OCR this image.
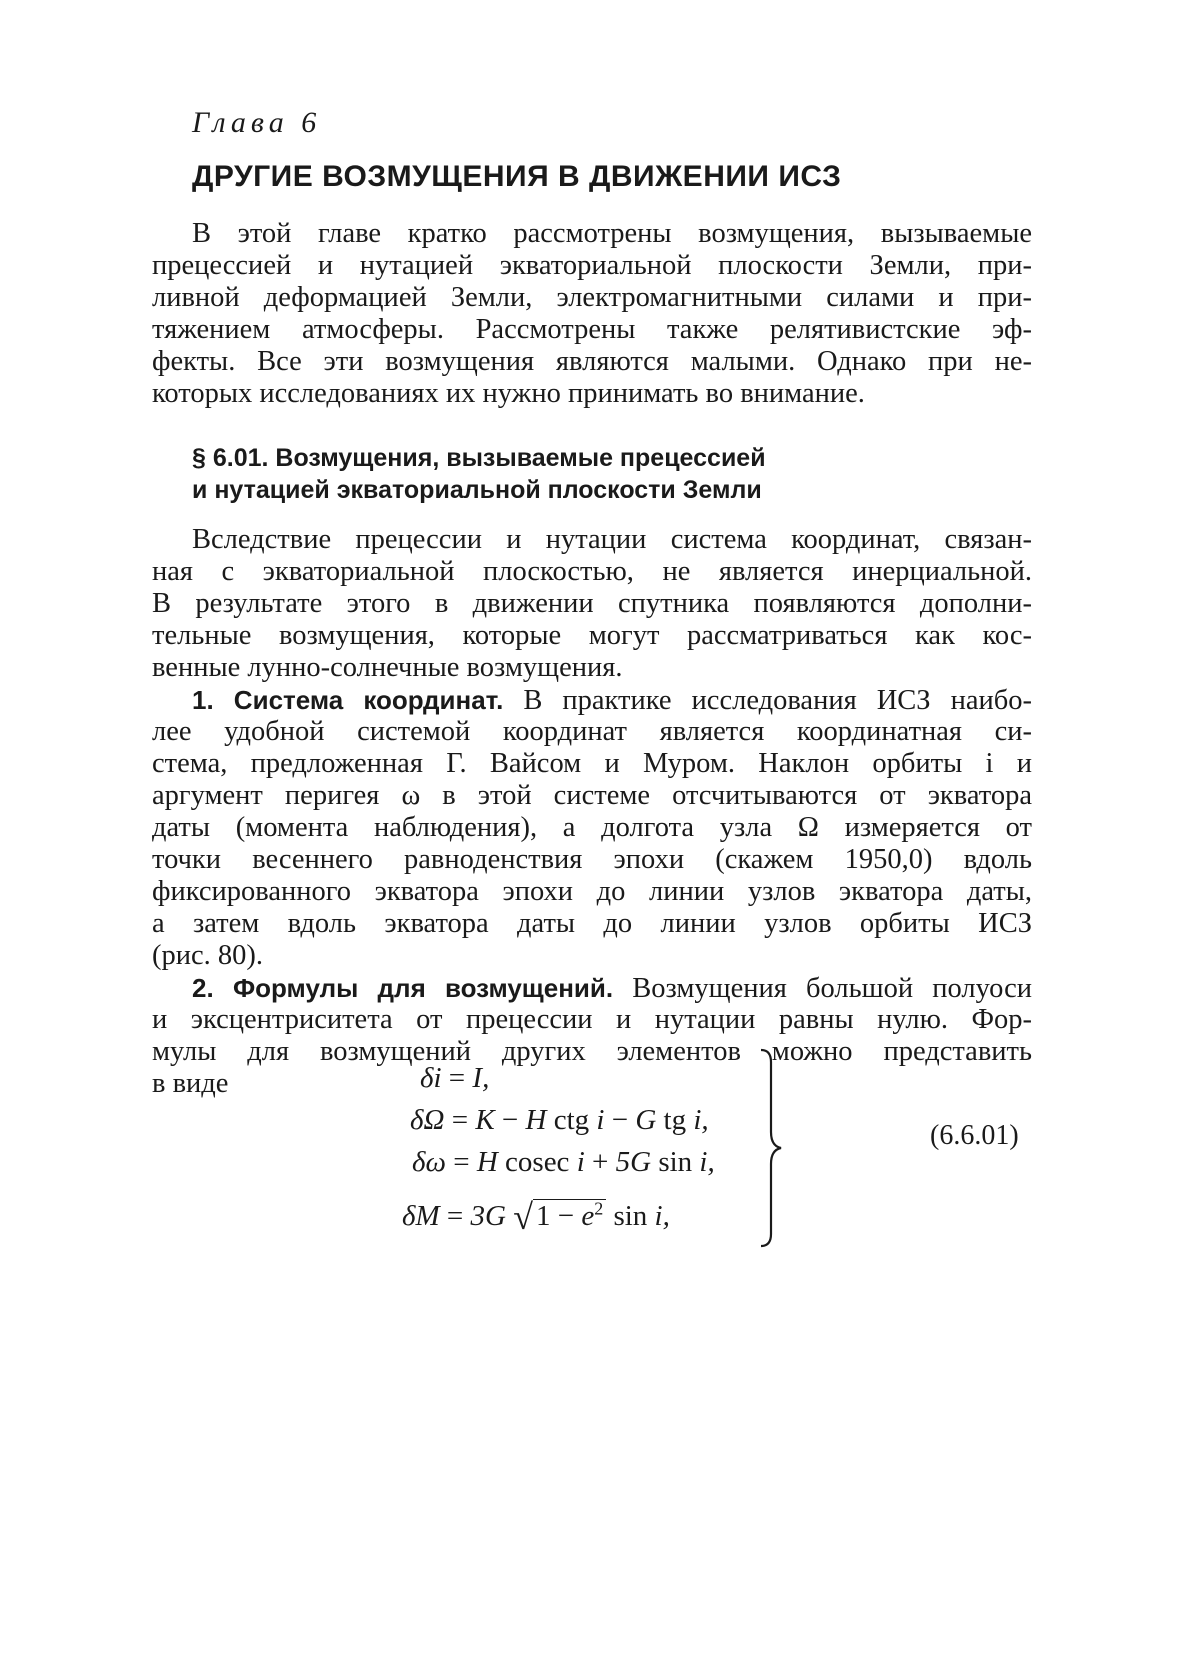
Глава 6
ДРУГИЕ ВОЗМУЩЕНИЯ В ДВИЖЕНИИ ИСЗ
В этой главе кратко рассмотрены возмущения, вызываемые
прецессией и нутацией экваториальной плоскости Земли, при-
ливной деформацией Земли, электромагнитными силами и при-
тяжением атмосферы. Рассмотрены также релятивистские эф-
фекты. Все эти возмущения являются малыми. Однако при не-
которых исследованиях их нужно принимать во внимание.
§ 6.01. Возмущения, вызываемые прецессией
и нутацией экваториальной плоскости Земли
Вследствие прецессии и нутации система координат, связан-
ная с экваториальной плоскостью, не является инерциальной.
В результате этого в движении спутника появляются дополни-
тельные возмущения, которые могут рассматриваться как кос-
венные лунно-солнечные возмущения.
1. Система координат. В практике исследования ИСЗ наибо-
лее удобной системой координат является координатная си-
стема, предложенная Г. Вайсом и Муром. Наклон орбиты i и
аргумент перигея ω в этой системе отсчитываются от экватора
даты (момента наблюдения), а долгота узла Ω измеряется от
точки весеннего равноденствия эпохи (скажем 1950,0) вдоль
фиксированного экватора эпохи до линии узлов экватора даты,
а затем вдоль экватора даты до линии узлов орбиты ИСЗ
(рис. 80).
2. Формулы для возмущений. Возмущения большой полуоси
и эксцентриситета от прецессии и нутации равны нулю. Фор-
мулы для возмущений других элементов можно представить
в виде	δi = I,
δΩ = K − H ctg i − G tg i,
δω = H cosec i + 5G sin i,
δM = 3G √ $1 - e^2$ sin i,
(6.6.01)
